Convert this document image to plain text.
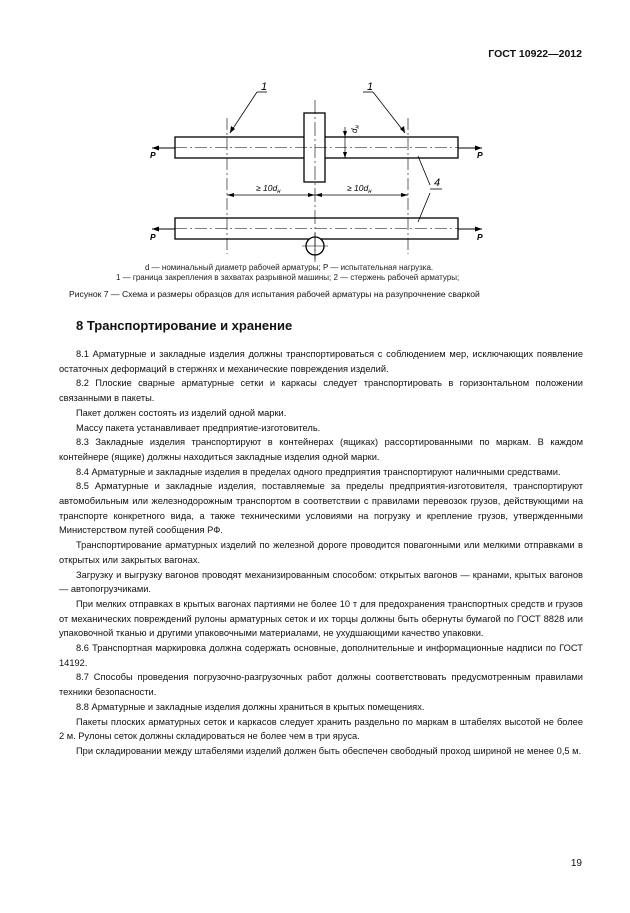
ГОСТ 10922—2012
1	1
4
P	P
P	P
$d_н$
≥ $10d_н$	≥ $10d_н$
d — номинальный диаметр рабочей арматуры; P — испытательная нагрузка.
1 — граница закрепления в захватах разрывной машины; 2 — стержень рабочей арматуры;
Рисунок 7 — Схема и размеры образцов для испытания рабочей арматуры на разупрочнение сваркой
8 Транспортирование и хранение

8.1 Арматурные и закладные изделия должны транспортироваться с соблюдением мер, исключающих появление остаточных деформаций в стержнях и механические повреждения изделий.

8.2 Плоские сварные арматурные сетки и каркасы следует транспортировать в горизонтальном положении связанными в пакеты.

Пакет должен состоять из изделий одной марки.

Массу пакета устанавливает предприятие-изготовитель.

8.3 Закладные изделия транспортируют в контейнерах (ящиках) рассортированными по маркам. В каждом контейнере (ящике) должны находиться закладные изделия одной марки.

8.4 Арматурные и закладные изделия в пределах одного предприятия транспортируют наличными средствами.

8.5 Арматурные и закладные изделия, поставляемые за пределы предприятия-изготовителя, транспортируют автомобильным или железнодорожным транспортом в соответствии с правилами перевозок грузов, действующими на транспорте конкретного вида, а также техническими условиями на погрузку и крепление грузов, утвержденными Министерством путей сообщения РФ.

Транспортирование арматурных изделий по железной дороге проводится повагонными или мелкими отправками в открытых или закрытых вагонах.

Загрузку и выгрузку вагонов проводят механизированным способом: открытых вагонов — кранами, крытых вагонов — автопогрузчиками.

При мелких отправках в крытых вагонах партиями не более 10 т для предохранения транспортных средств и грузов от механических повреждений рулоны арматурных сеток и их торцы должны быть обернуты бумагой по ГОСТ 8828 или упаковочной тканью и другими упаковочными материалами, не ухудшающими качество упаковки.

8.6 Транспортная маркировка должна содержать основные, дополнительные и информационные надписи по ГОСТ 14192.

8.7 Способы проведения погрузочно-разгрузочных работ должны соответствовать предусмотренным правилами техники безопасности.

8.8 Арматурные и закладные изделия должны храниться в крытых помещениях.

Пакеты плоских арматурных сеток и каркасов следует хранить раздельно по маркам в штабелях высотой не более 2 м. Рулоны сеток должны складироваться не более чем в три яруса.

При складировании между штабелями изделий должен быть обеспечен свободный проход шириной не менее 0,5 м.

19
